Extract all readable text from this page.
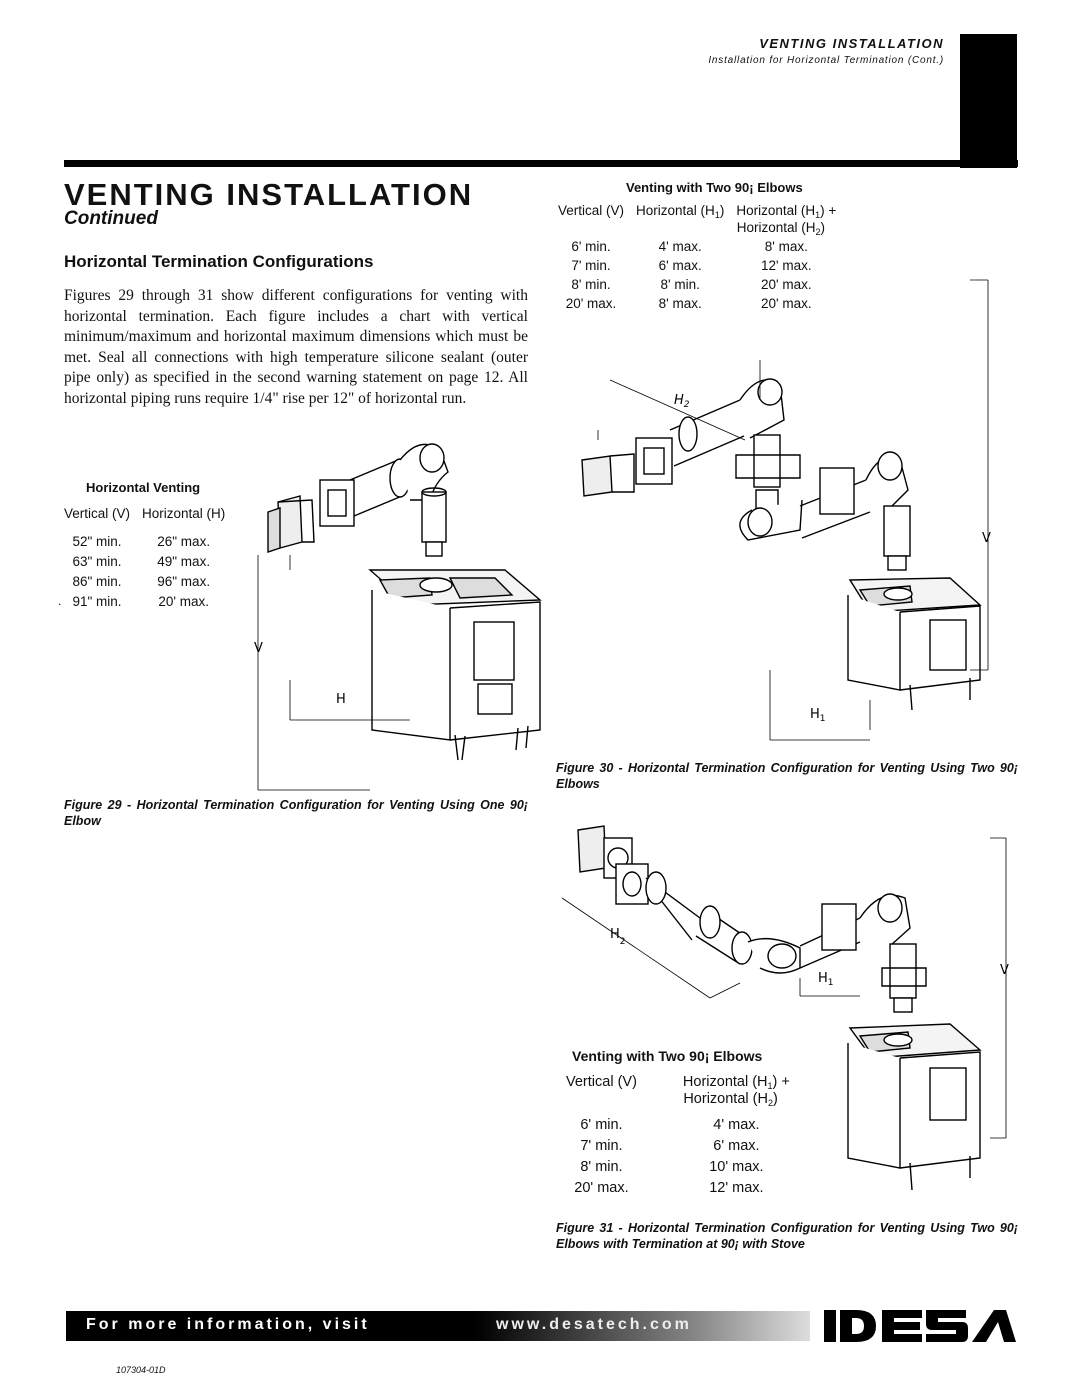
VENTING INSTALLATION
Installation for Horizontal Termination (Cont.)
VENTING INSTALLATION
Continued
Horizontal Termination Configurations
Figures 29 through 31 show different configurations for venting with horizontal termination. Each figure includes a chart with vertical minimum/maximum and horizontal maximum dimensions which must be met. Seal all connections with high temperature silicone sealant (outer pipe only) as specified in the second warning statement on page 12. All horizontal piping runs require 1/4" rise per 12" of horizontal run.
Horizontal Venting
Vertical (V)	Horizontal (H)

52" min.	26" max.
63" min.	49" max.
86" min.	96" max.
91" min.	20' max.
.
Venting with Two 90¡ Elbows
Vertical (V)	Horizontal $(H_1)$	Horizontal $(H_1)$ +
Horizontal $(H_2)$
6' min.	4' max.	8' max.
7' min.	6' max.	12' max.
8' min.	8' min.	20' max.
20' max.	8' max.	20' max.
V
H
Figure 29 - Horizontal Termination Configuration for Venting Using One 90¡ Elbow
$H_2$
V
$H_1$
Figure 30 - Horizontal Termination Configuration for Venting Using Two 90¡ Elbows
$H_2$
V
$H_1$
Venting with Two 90¡ Elbows
Vertical (V)	Horizontal $(H_1)$ +
Horizontal $(H_2)$

6' min.	4' max.
7' min.	6' max.
8' min.	10' max.
20' max.	12' max.
Figure 31 - Horizontal Termination Configuration for Venting Using Two 90¡ Elbows with Termination at 90¡ with Stove
For more information, visit	www.desatech.com
DESA
107304-01D
